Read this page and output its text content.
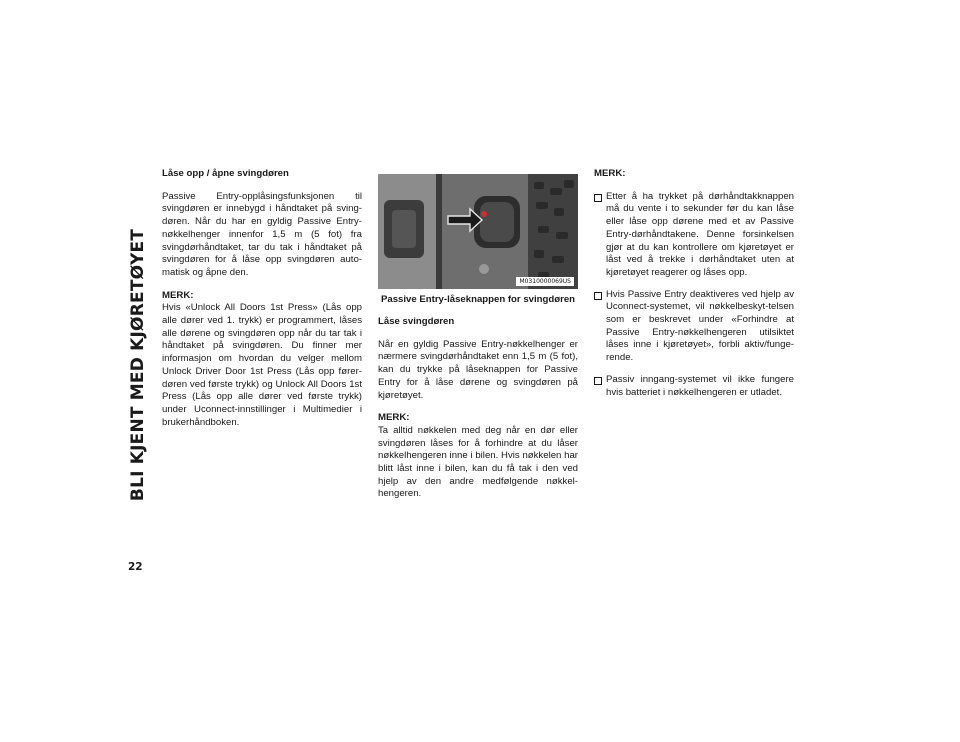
BLI KJENT MED KJØRETØYET

Låse opp / åpne svingdøren

Passive Entry-opplåsingsfunksjonen til svingdøren er innebygd i håndtaket på sving-døren. Når du har en gyldig Passive Entry-nøkkelhenger innenfor 1,5 m (5 fot) fra svingdørhåndtaket, tar du tak i håndtaket på svingdøren for å låse opp svingdøren auto-matisk og åpne den.

MERK:
Hvis «Unlock All Doors 1st Press» (Lås opp alle dører ved 1. trykk) er programmert, låses alle dørene og svingdøren opp når du tar tak i håndtaket på svingdøren. Du finner mer informasjon om hvordan du velger mellom Unlock Driver Door 1st Press (Lås opp fører-døren ved første trykk) og Unlock All Doors 1st Press (Lås opp alle dører ved første trykk) under Uconnect-innstillinger i Multimedier i brukerhåndboken.
M0310000069US
Passive Entry-låseknappen for svingdøren

Låse svingdøren

Når en gyldig Passive Entry-nøkkelhenger er nærmere svingdørhåndtaket enn 1,5 m (5 fot), kan du trykke på låseknappen for Passive Entry for å låse dørene og svingdøren på kjøretøyet.

MERK:
Ta alltid nøkkelen med deg når en dør eller svingdøren låses for å forhindre at du låser nøkkelhengeren inne i bilen. Hvis nøkkelen har blitt låst inne i bilen, kan du få tak i den ved hjelp av den andre medfølgende nøkkel-hengeren.
MERK:
Etter å ha trykket på dørhåndtakknappen må du vente i to sekunder før du kan låse eller låse opp dørene med et av Passive Entry-dørhåndtakene. Denne forsinkelsen gjør at du kan kontrollere om kjøretøyet er låst ved å trekke i dørhåndtaket uten at kjøretøyet reagerer og låses opp.
Hvis Passive Entry deaktiveres ved hjelp av Uconnect-systemet, vil nøkkelbeskyt-telsen som er beskrevet under «Forhindre at Passive Entry-nøkkelhengeren utilsiktet låses inne i kjøretøyet», forbli aktiv/funge-rende.
Passiv inngang-systemet vil ikke fungere hvis batteriet i nøkkelhengeren er utladet.
22
